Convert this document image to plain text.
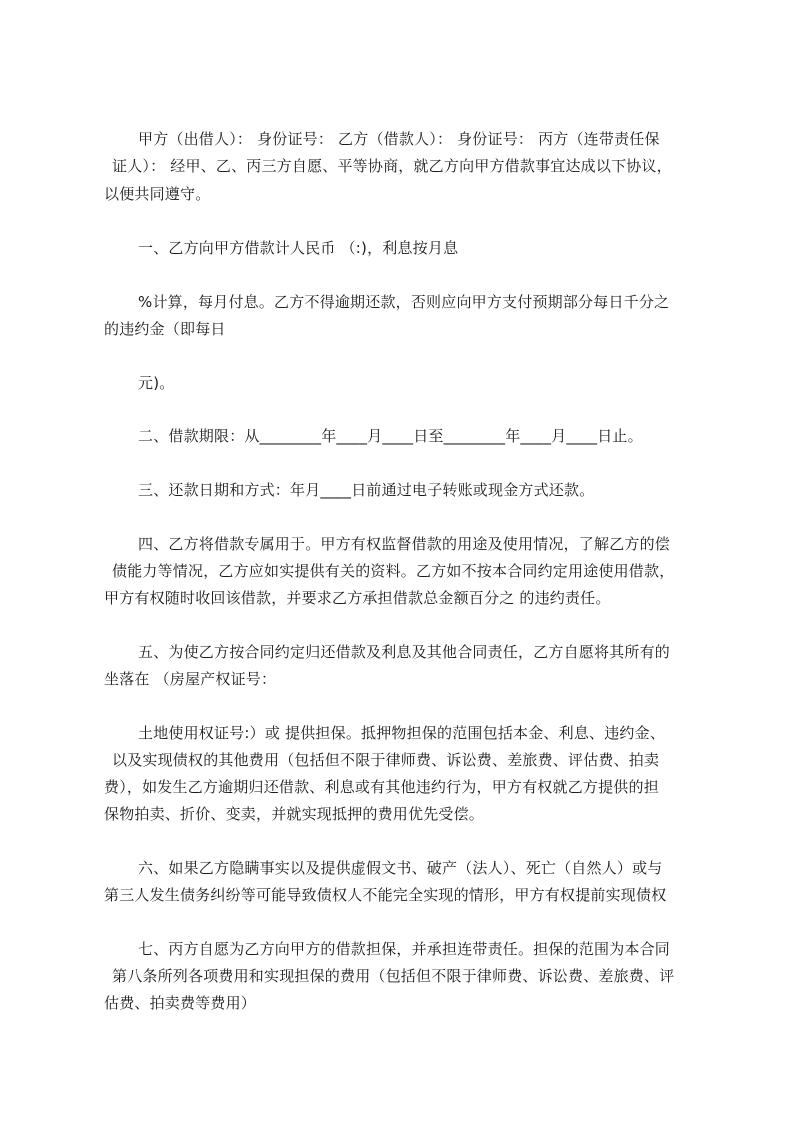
甲方（出借人）： 身份证号： 乙方（借款人）： 身份证号： 丙方（连带责任保
证人）： 经甲、乙、丙三方自愿、平等协商，就乙方向甲方借款事宜达成以下协议，
以便共同遵守。
一、乙方向甲方借款计人民币 （:)，利息按月息
%计算，每月付息。乙方不得逾期还款，否则应向甲方支付预期部分每日千分之
的违约金（即每日
元)。
二、借款期限：从________年____月____日至________年____月____日止。
三、还款日期和方式：年月____日前通过电子转账或现金方式还款。
四、乙方将借款专属用于。甲方有权监督借款的用途及使用情况，了解乙方的偿
债能力等情况，乙方应如实提供有关的资料。乙方如不按本合同约定用途使用借款，
甲方有权随时收回该借款，并要求乙方承担借款总金额百分之 的违约责任。
五、为使乙方按合同约定归还借款及利息及其他合同责任，乙方自愿将其所有的
坐落在 （房屋产权证号：
土地使用权证号:）或 提供担保。抵押物担保的范围包括本金、利息、违约金、
以及实现债权的其他费用（包括但不限于律师费、诉讼费、差旅费、评估费、拍卖
费），如发生乙方逾期归还借款、利息或有其他违约行为，甲方有权就乙方提供的担
保物拍卖、折价、变卖，并就实现抵押的费用优先受偿。
六、如果乙方隐瞒事实以及提供虚假文书、破产（法人）、死亡（自然人）或与
第三人发生债务纠纷等可能导致债权人不能完全实现的情形，甲方有权提前实现债权
七、丙方自愿为乙方向甲方的借款担保，并承担连带责任。担保的范围为本合同
第八条所列各项费用和实现担保的费用（包括但不限于律师费、诉讼费、差旅费、评
估费、拍卖费等费用）
